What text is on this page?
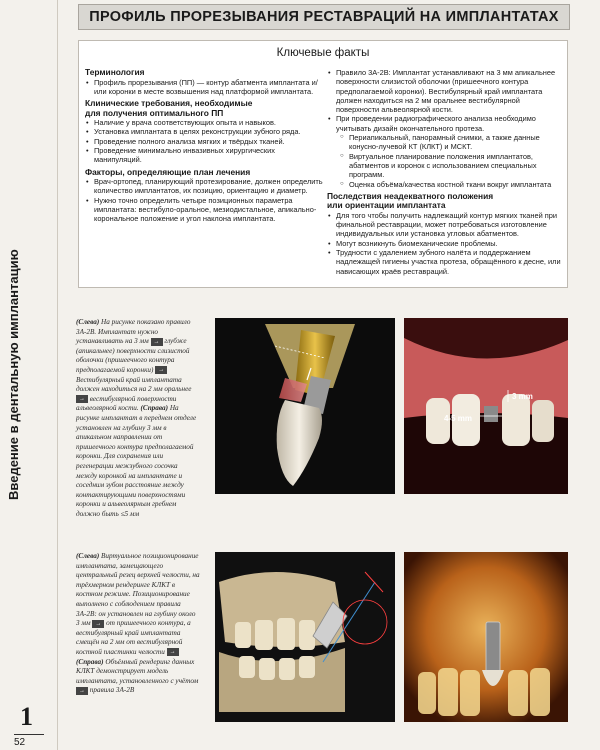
Введение в дентальную имплантацию
1
52
ПРОФИЛЬ ПРОРЕЗЫВАНИЯ РЕСТАВРАЦИЙ НА ИМПЛАНТАТАХ
Ключевые факты
Терминология
• Профиль прорезывания (ПП) — контур абатмента имплантата и/или коронки в месте возвышения над платформой имплантата.
Клинические требования, необходимые
для получения оптимального ПП
• Наличие у врача соответствующих опыта и навыков.
• Установка имплантата в целях реконструкции зубного ряда.
• Проведение полного анализа мягких и твёрдых тканей.
• Проведение минимально инвазивных хирургических манипуляций.
Факторы, определяющие план лечения
• Врач-ортопед, планирующий протезирование, должен определить количество имплантатов, их позицию, ориентацию и диаметр.
• Нужно точно определить четыре позиционных параметра имплантата: вестибуло-оральное, мезиодистальное, апикально-корональное положение и угол наклона имплантата.
• Правило 3А-2В: Имплантат устанавливают на 3 мм апикальнее поверхности слизистой оболочки (пришеечного контура предполагаемой коронки). Вестибулярный край имплантата должен находиться на 2 мм оральнее вестибулярной поверхности альвеолярной кости.
• При проведении радиографического анализа необходимо учитывать дизайн окончательного протеза.
○ Периапикальный, панорамный снимки, а также данные конусно-лучевой КТ (КЛКТ) и МСКТ.
○ Виртуальное планирование положения имплантатов, абатментов и коронок с использованием специальных программ.
○ Оценка объёма/качества костной ткани вокруг имплантата
Последствия неадекватного положения
или ориентации имплантата
• Для того чтобы получить надлежащий контур мягких тканей при финальной реставрации, может потребоваться изготовление индивидуальных или установка угловых абатментов.
• Могут возникнуть биомеханические проблемы.
• Трудности с удалением зубного налёта и поддержанием надлежащей гигиены участка протеза, обращённого к десне, или нависающих краёв реставраций.
(Слева) На рисунке показано правило 3А-2В. Имплантат нужно устанавливать на 3 мм → глубже (апикальнее) поверхности слизистой оболочки (пришеечного контура предполагаемой коронки) → Вестибулярный край имплантата должен находиться на 2 мм оральнее → вестибулярной поверхности альвеолярной кости. (Справа) На рисунке имплантат в переднем отделе установлен на глубину 3 мм в апикальном направлении от пришеечного контура предполагаемой коронки. Для сохранения или регенерации межзубного сосочка между коронкой на имплантате и соседним зубом расстояние между контактирующими поверхностями коронки и альвеолярным гребнем должно быть ≤5 мм
4-5 mm
3 mm
(Слева) Виртуальное позиционирование имплантата, замещающего центральный резец верхней челюсти, на трёхмерном рендеринге КЛКТ в костном режиме. Позиционирование выполнено с соблюдением правила 3А-2В: он установлен на глубину около 3 мм → от пришеечного контура, а вестибулярный край имплантата смещён на 2 мм от вестибулярной костной пластинки челюсти → (Справа) Объёмный рендеринг данных КЛКТ демонстрирует модель имплантата, установленного с учётом → правила 3А-2В
